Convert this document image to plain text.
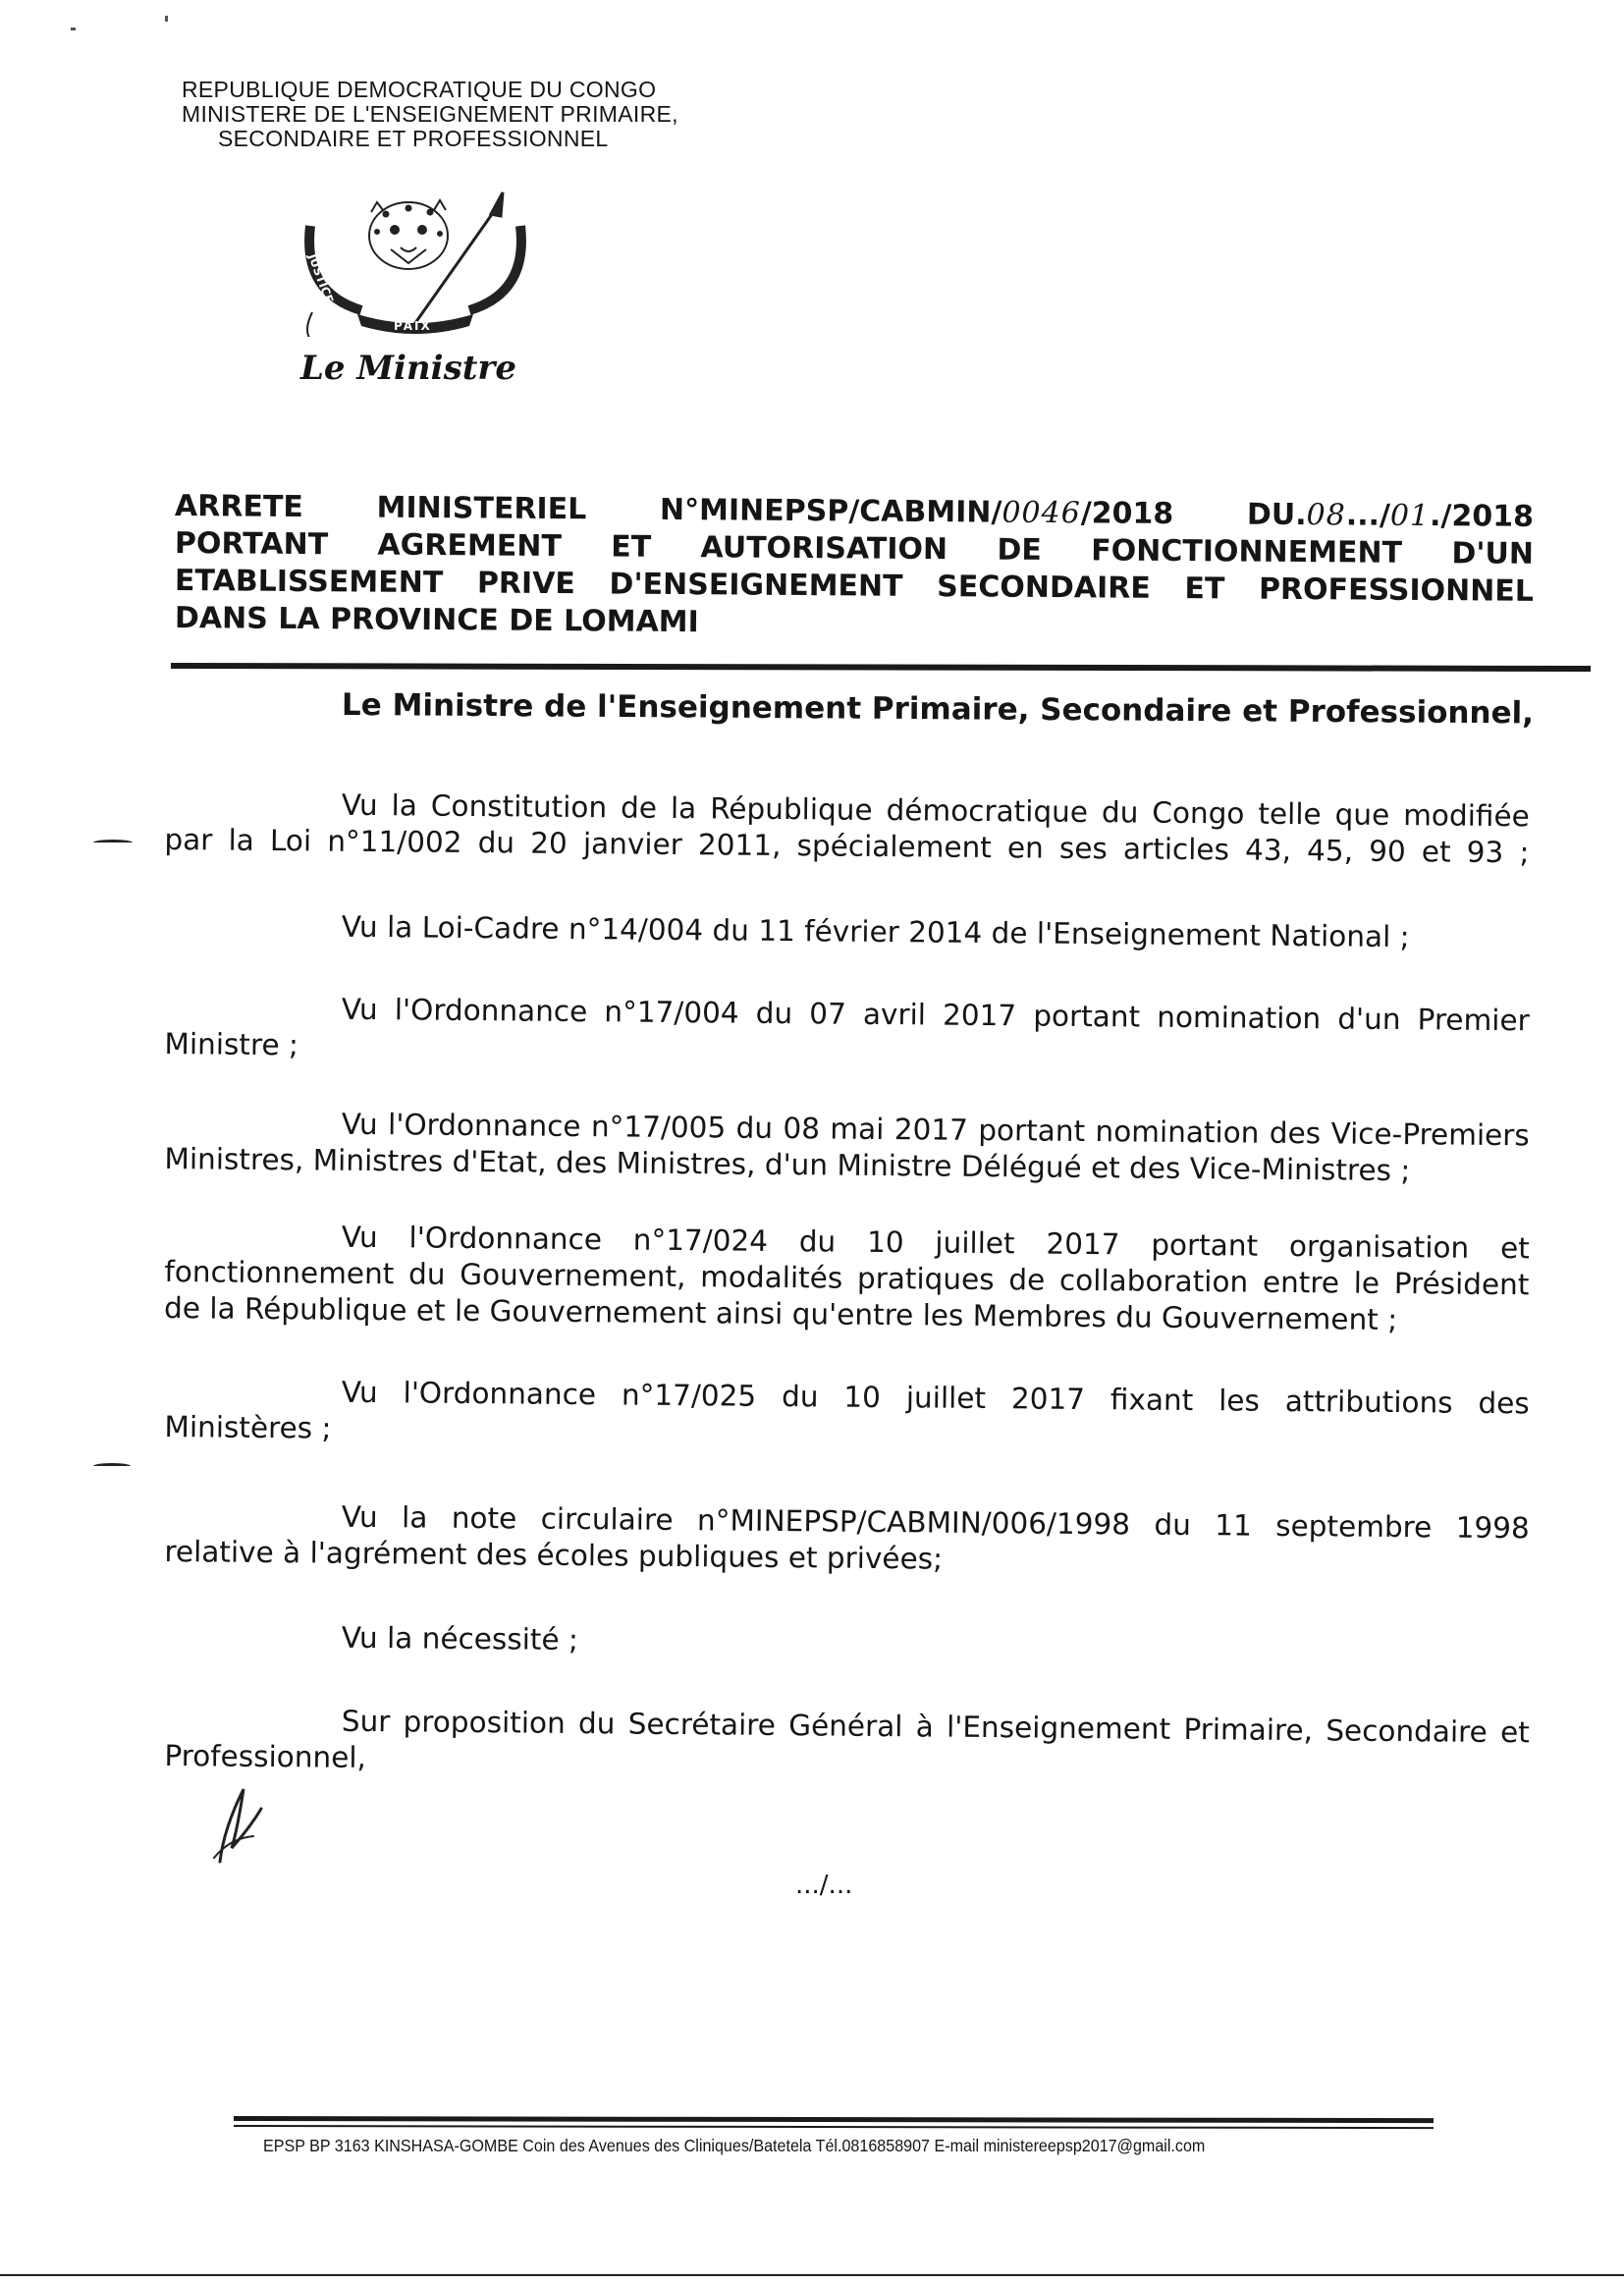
REPUBLIQUE DEMOCRATIQUE DU CONGO
MINISTERE DE L'ENSEIGNEMENT PRIMAIRE,
SECONDAIRE ET PROFESSIONNEL
JUSTICE
PAIX
TRAVAIL
Le Ministre
ARRETE MINISTERIEL N°MINEPSP/CABMIN/0046/2018 DU.08.../01./2018
PORTANT AGREMENT ET AUTORISATION DE FONCTIONNEMENT D'UN
ETABLISSEMENT PRIVE D'ENSEIGNEMENT SECONDAIRE ET PROFESSIONNEL
DANS LA PROVINCE DE LOMAMI
Le Ministre de l'Enseignement Primaire, Secondaire et Professionnel,
Vu la Constitution de la République démocratique du Congo telle que modifiée
par la Loi n°11/002 du 20 janvier 2011, spécialement en ses articles 43, 45, 90 et 93 ;
Vu la Loi-Cadre n°14/004 du 11 février 2014 de l'Enseignement National ;
Vu l'Ordonnance n°17/004 du 07 avril 2017 portant nomination d'un Premier
Ministre ;
Vu l'Ordonnance n°17/005 du 08 mai 2017 portant nomination des Vice-Premiers
Ministres, Ministres d'Etat, des Ministres, d'un Ministre Délégué et des Vice-Ministres ;
Vu l'Ordonnance n°17/024 du 10 juillet 2017 portant organisation et
fonctionnement du Gouvernement, modalités pratiques de collaboration entre le Président
de la République et le Gouvernement ainsi qu'entre les Membres du Gouvernement ;
Vu l'Ordonnance n°17/025 du 10 juillet 2017 fixant les attributions des
Ministères ;
Vu la note circulaire n°MINEPSP/CABMIN/006/1998 du 11 septembre 1998
relative à l'agrément des écoles publiques et privées;
Vu la nécessité ;
Sur proposition du Secrétaire Général à l'Enseignement Primaire, Secondaire et
Professionnel,
.../...
EPSP BP 3163 KINSHASA-GOMBE Coin des Avenues des Cliniques/Batetela Tél.0816858907 E-mail ministereepsp2017@gmail.com
